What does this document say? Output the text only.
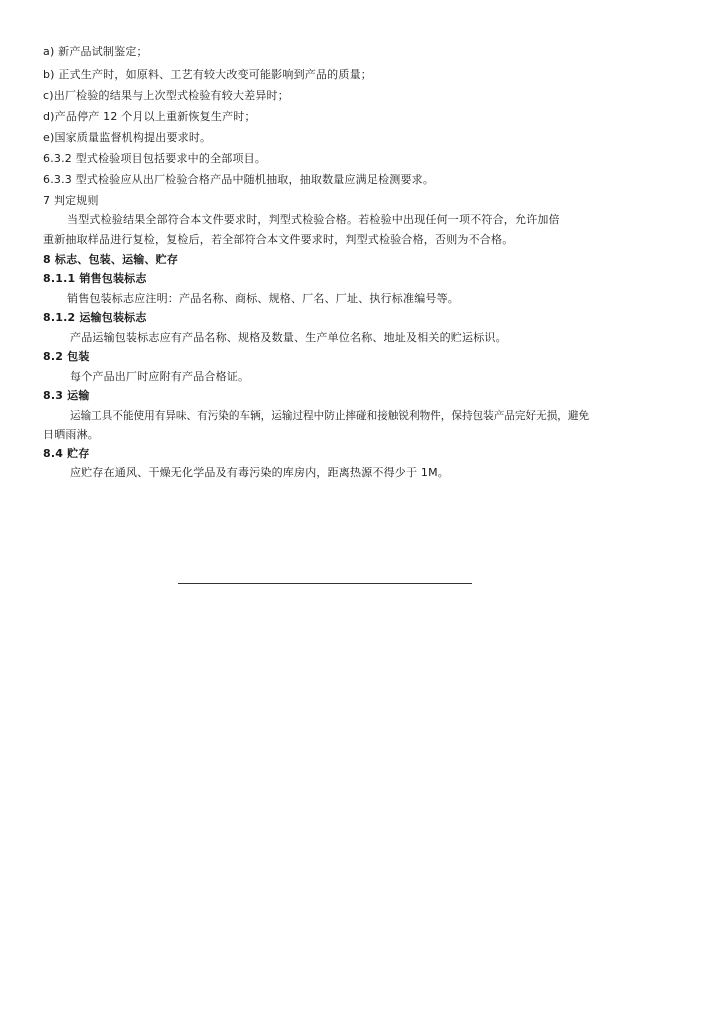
a) 新产品试制鉴定；
b) 正式生产时，如原料、工艺有较大改变可能影响到产品的质量；
c)出厂检验的结果与上次型式检验有较大差异时；
d)产品停产 12 个月以上重新恢复生产时；
e)国家质量监督机构提出要求时。
6.3.2 型式检验项目包括要求中的全部项目。
6.3.3 型式检验应从出厂检验合格产品中随机抽取，抽取数量应满足检测要求。
7 判定规则
当型式检验结果全部符合本文件要求时，判型式检验合格。若检验中出现任何一项不符合，允许加倍
重新抽取样品进行复检，复检后，若全部符合本文件要求时，判型式检验合格，否则为不合格。
8 标志、包装、运输、贮存
8.1.1 销售包装标志
销售包装标志应注明：产品名称、商标、规格、厂名、厂址、执行标准编号等。
8.1.2 运输包装标志
产品运输包装标志应有产品名称、规格及数量、生产单位名称、地址及相关的贮运标识。
8.2 包装
每个产品出厂时应附有产品合格证。
8.3 运输
运输工具不能使用有异味、有污染的车辆，运输过程中防止摔碰和接触锐利物件，保持包装产品完好无损，避免
日晒雨淋。
8.4 贮存
应贮存在通风、干燥无化学品及有毒污染的库房内，距离热源不得少于 1M。
